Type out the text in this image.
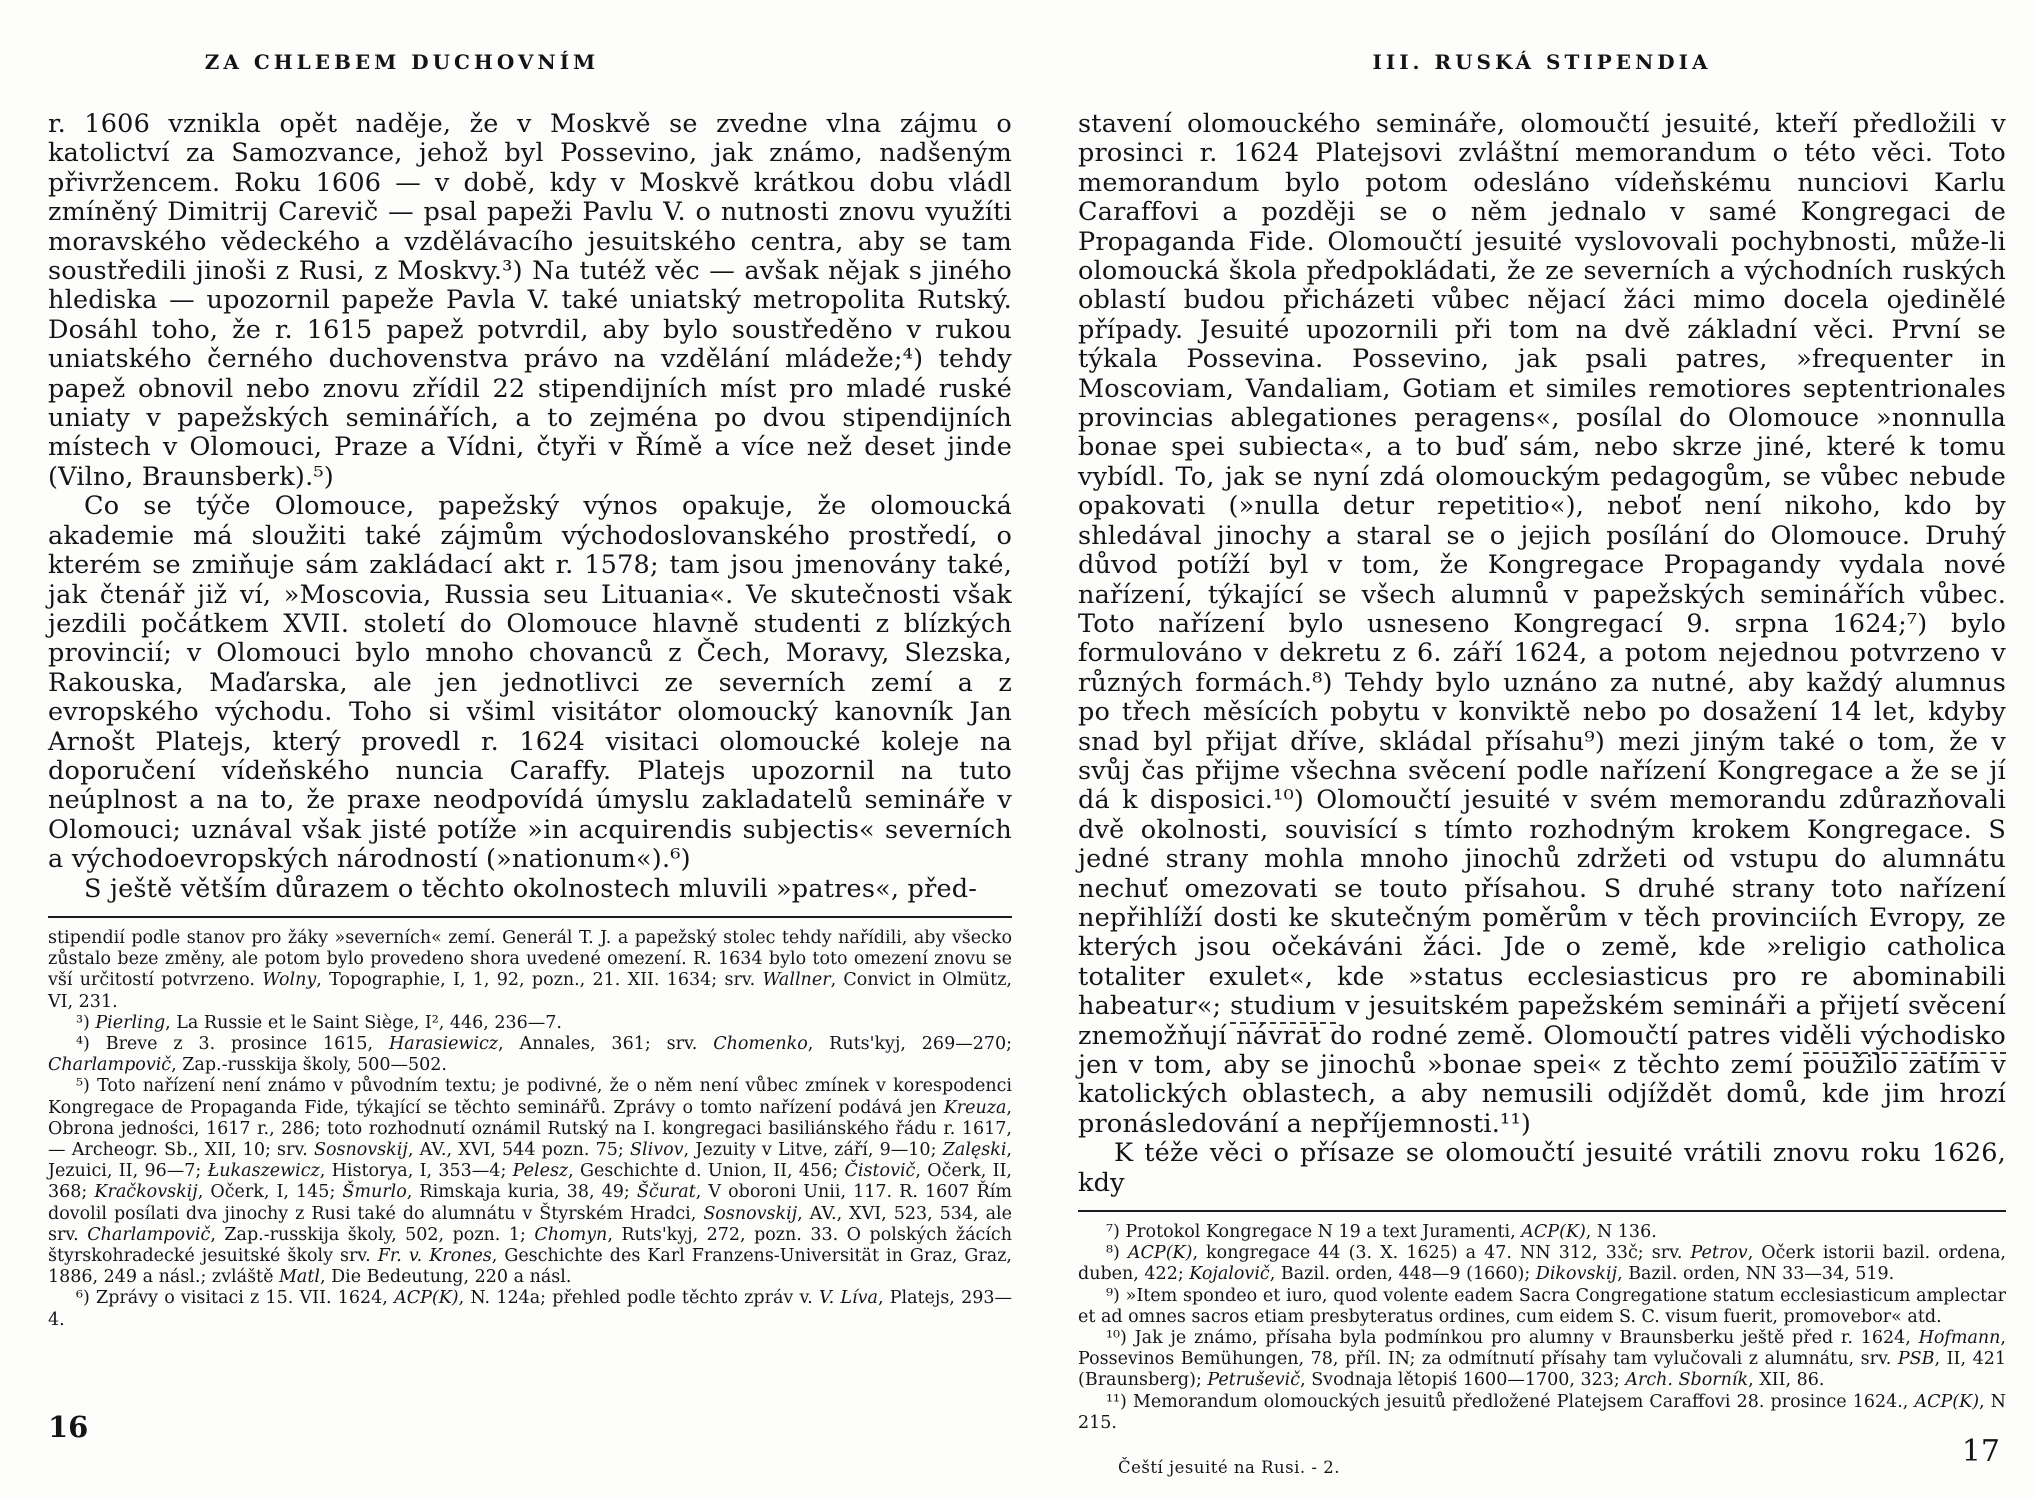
ZA CHLEBEM DUCHOVNÍM

r. 1606 vznikla opět naděje, že v Moskvě se zvedne vlna zájmu o katolictví za Samozvance, jehož byl Possevino, jak známo, nadšeným přivržencem. Roku 1606 — v době, kdy v Moskvě krátkou dobu vládl zmíněný Dimitrij Carevič — psal papeži Pavlu V. o nutnosti znovu využíti moravského vědeckého a vzdělávacího jesuitského centra, aby se tam soustředili jinoši z Rusi, z Moskvy.³) Na tutéž věc — avšak nějak s jiného hlediska — upozornil papeže Pavla V. také uniatský metropolita Rutský. Dosáhl toho, že r. 1615 papež potvrdil, aby bylo soustředěno v rukou uniatského černého duchovenstva právo na vzdělání mládeže;⁴) tehdy papež obnovil nebo znovu zřídil 22 stipendijních míst pro mladé ruské uniaty v papežských seminářích, a to zejména po dvou stipendijních místech v Olomouci, Praze a Vídni, čtyři v Římě a více než deset jinde (Vilno, Braunsberk).⁵)

Co se týče Olomouce, papežský výnos opakuje, že olomoucká akademie má sloužiti také zájmům východoslovanského prostředí, o kterém se zmiňuje sám zakládací akt r. 1578; tam jsou jmenovány také, jak čtenář již ví, »Moscovia, Russia seu Lituania«. Ve skutečnosti však jezdili počátkem XVII. století do Olomouce hlavně studenti z blízkých provincií; v Olomouci bylo mnoho chovanců z Čech, Moravy, Slezska, Rakouska, Maďarska, ale jen jednotlivci ze severních zemí a z evropského východu. Toho si všiml visitátor olomoucký kanovník Jan Arnošt Platejs, který provedl r. 1624 visitaci olomoucké koleje na doporučení vídeňského nuncia Caraffy. Platejs upozornil na tuto neúplnost a na to, že praxe neodpovídá úmyslu zakladatelů semináře v Olomouci; uznával však jisté potíže »in acquirendis subjectis« severních a východoevropských národností (»nationum«).⁶)

S ještě větším důrazem o těchto okolnostech mluvili »patres«, před-

stipendií podle stanov pro žáky »severních« zemí. Generál T. J. a papežský stolec tehdy nařídili, aby všecko zůstalo beze změny, ale potom bylo provedeno shora uvedené omezení. R. 1634 bylo toto omezení znovu se vší určitostí potvrzeno. Wolny, Topographie, I, 1, 92, pozn., 21. XII. 1634; srv. Wallner, Convict in Olmütz, VI, 231.

³) Pierling, La Russie et le Saint Siège, I², 446, 236—7.

⁴) Breve z 3. prosince 1615, Harasiewicz, Annales, 361; srv. Chomenko, Ruts'kyj, 269—270; Charlampovič, Zap.-russkija školy, 500—502.

⁵) Toto nařízení není známo v původním textu; je podivné, že o něm není vůbec zmínek v korespodenci Kongregace de Propaganda Fide, týkající se těchto seminářů. Zprávy o tomto nařízení podává jen Kreuza, Obrona jedności, 1617 r., 286; toto rozhodnutí oznámil Rutský na I. kongregaci basiliánského řádu r. 1617, — Archeogr. Sb., XII, 10; srv. Sosnovskij, AV., XVI, 544 pozn. 75; Slivov, Jezuity v Litve, září, 9—10; Zalęski, Jezuici, II, 96—7; Łukaszewicz, Historya, I, 353—4; Pelesz, Geschichte d. Union, II, 456; Čistovič, Očerk, II, 368; Kračkovskij, Očerk, I, 145; Šmurlo, Rimskaja kuria, 38, 49; Ščurat, V oboroni Unii, 117. R. 1607 Řím dovolil posílati dva jinochy z Rusi také do alumnátu v Štyrském Hradci, Sosnovskij, AV., XVI, 523, 534, ale srv. Charlampovič, Zap.-russkija školy, 502, pozn. 1; Chomyn, Ruts'kyj, 272, pozn. 33. O polských žácích štyrskohradecké jesuitské školy srv. Fr. v. Krones, Geschichte des Karl Franzens-Universität in Graz, Graz, 1886, 249 a násl.; zvláště Matl, Die Bedeutung, 220 a násl.

⁶) Zprávy o visitaci z 15. VII. 1624, ACP(K), N. 124a; přehled podle těchto zpráv v. V. Líva, Platejs, 293—4.

16
III. RUSKÁ STIPENDIA

stavení olomouckého semináře, olomoučtí jesuité, kteří předložili v prosinci r. 1624 Platejsovi zvláštní memorandum o této věci. Toto memorandum bylo potom odesláno vídeňskému nunciovi Karlu Caraffovi a později se o něm jednalo v samé Kongregaci de Propaganda Fide. Olomoučtí jesuité vyslovovali pochybnosti, může-li olomoucká škola předpokládati, že ze severních a východních ruských oblastí budou přicházeti vůbec nějací žáci mimo docela ojedinělé případy. Jesuité upozornili při tom na dvě základní věci. První se týkala Possevina. Possevino, jak psali patres, »frequenter in Moscoviam, Vandaliam, Gotiam et similes remotiores septentrionales provincias ablegationes peragens«, posílal do Olomouce »nonnulla bonae spei subiecta«, a to buď sám, nebo skrze jiné, které k tomu vybídl. To, jak se nyní zdá olomouckým pedagogům, se vůbec nebude opakovati (»nulla detur repetitio«), neboť není nikoho, kdo by shledával jinochy a staral se o jejich posílání do Olomouce. Druhý důvod potíží byl v tom, že Kongregace Propagandy vydala nové nařízení, týkající se všech alumnů v papežských seminářích vůbec. Toto nařízení bylo usneseno Kongregací 9. srpna 1624;⁷) bylo formulováno v dekretu z 6. září 1624, a potom nejednou potvrzeno v různých formách.⁸) Tehdy bylo uznáno za nutné, aby každý alumnus po třech měsících pobytu v konviktě nebo po dosažení 14 let, kdyby snad byl přijat dříve, skládal přísahu⁹) mezi jiným také o tom, že v svůj čas přijme všechna svěcení podle nařízení Kongregace a že se jí dá k disposici.¹⁰) Olomoučtí jesuité v svém memorandu zdůrazňovali dvě okolnosti, souvisící s tímto rozhodným krokem Kongregace. S jedné strany mohla mnoho jinochů zdržeti od vstupu do alumnátu nechuť omezovati se touto přísahou. S druhé strany toto nařízení nepřihlíží dosti ke skutečným poměrům v těch provinciích Evropy, ze kterých jsou očekáváni žáci. Jde o země, kde »religio catholica totaliter exulet«, kde »status ecclesiasticus pro re abominabili habeatur«; studium v jesuitském papežském semináři a přijetí svěcení znemožňují návrat do rodné země. Olomoučtí patres viděli východisko jen v tom, aby se jinochů »bonae spei« z těchto zemí použilo zatím v katolických oblastech, a aby nemusili odjíždět domů, kde jim hrozí pronásledování a nepříjemnosti.¹¹)

K téže věci o přísaze se olomoučtí jesuité vrátili znovu roku 1626, kdy

⁷) Protokol Kongregace N 19 a text Juramenti, ACP(K), N 136.

⁸) ACP(K), kongregace 44 (3. X. 1625) a 47. NN 312, 33č; srv. Petrov, Očerk istorii bazil. ordena, duben, 422; Kojalovič, Bazil. orden, 448—9 (1660); Dikovskij, Bazil. orden, NN 33—34, 519.

⁹) »Item spondeo et iuro, quod volente eadem Sacra Congregatione statum ecclesiasticum amplectar et ad omnes sacros etiam presbyteratus ordines, cum eidem S. C. visum fuerit, promovebor« atd.

¹⁰) Jak je známo, přísaha byla podmínkou pro alumny v Braunsberku ještě před r. 1624, Hofmann, Possevinos Bemühungen, 78, příl. IN; za odmítnutí přísahy tam vylučovali z alumnátu, srv. PSB, II, 421 (Braunsberg); Petruševič, Svodnaja lětopiś 1600—1700, 323; Arch. Sborník, XII, 86.

¹¹) Memorandum olomouckých jesuitů předložené Platejsem Caraffovi 28. prosince 1624., ACP(K), N 215.

Čeští jesuité na Rusi. - 2.	17
